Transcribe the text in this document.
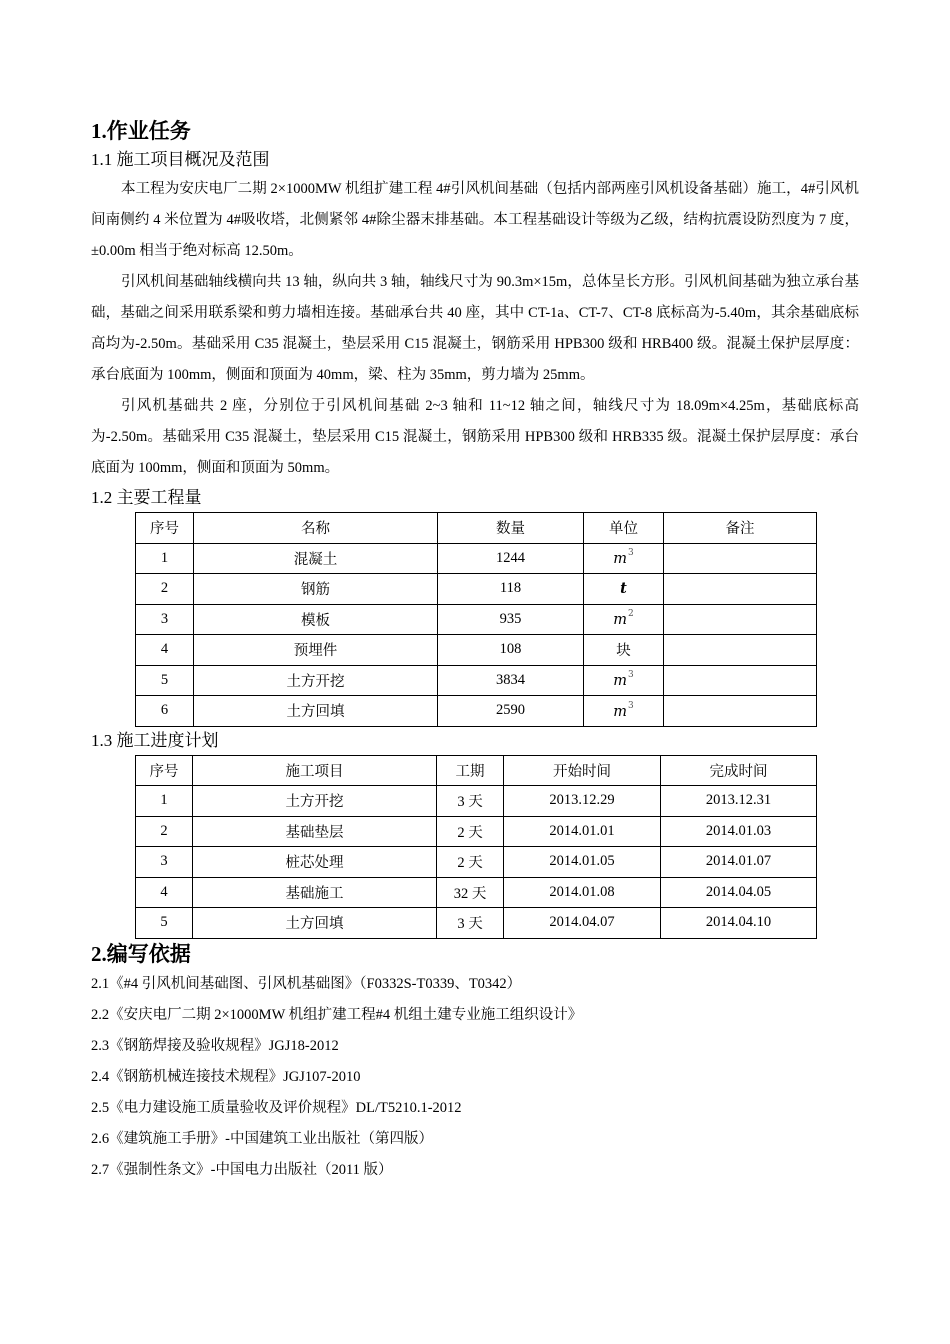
1.作业任务
1.1 施工项目概况及范围

本工程为安庆电厂二期 2×1000MW 机组扩建工程 4#引风机间基础（包括内部两座引风机设备基础）施工，4#引风机间南侧约 4 米位置为 4#吸收塔，北侧紧邻 4#除尘器末排基础。本工程基础设计等级为乙级，结构抗震设防烈度为 7 度，±0.00m 相当于绝对标高 12.50m。

引风机间基础轴线横向共 13 轴，纵向共 3 轴，轴线尺寸为 90.3m×15m，总体呈长方形。引风机间基础为独立承台基础，基础之间采用联系梁和剪力墙相连接。基础承台共 40 座，其中 CT-1a、CT-7、CT-8 底标高为-5.40m，其余基础底标高均为-2.50m。基础采用 C35 混凝土，垫层采用 C15 混凝土，钢筋采用 HPB300 级和 HRB400 级。混凝土保护层厚度：承台底面为 100mm，侧面和顶面为 40mm，梁、柱为 35mm，剪力墙为 25mm。

引风机基础共 2 座，分别位于引风机间基础 2~3 轴和 11~12 轴之间，轴线尺寸为 18.09m×4.25m，基础底标高为-2.50m。基础采用 C35 混凝土，垫层采用 C15 混凝土，钢筋采用 HPB300 级和 HRB335 级。混凝土保护层厚度：承台底面为 100mm，侧面和顶面为 50mm。

1.2 主要工程量
序号	名称	数量	单位	备注
1	混凝土	1244	$m^3$	
2	钢筋	118	t	
3	模板	935	$m^2$	
4	预埋件	108	块	
5	土方开挖	3834	$m^3$	
6	土方回填	2590	$m^3$	
1.3 施工进度计划
序号	施工项目	工期	开始时间	完成时间
1	土方开挖	3 天	2013.12.29	2013.12.31
2	基础垫层	2 天	2014.01.01	2014.01.03
3	桩芯处理	2 天	2014.01.05	2014.01.07
4	基础施工	32 天	2014.01.08	2014.04.05
5	土方回填	3 天	2014.04.07	2014.04.10
2.编写依据

2.1《#4 引风机间基础图、引风机基础图》（F0332S-T0339、T0342）

2.2《安庆电厂二期 2×1000MW 机组扩建工程#4 机组土建专业施工组织设计》

2.3《钢筋焊接及验收规程》JGJ18-2012

2.4《钢筋机械连接技术规程》JGJ107-2010

2.5《电力建设施工质量验收及评价规程》DL/T5210.1-2012

2.6《建筑施工手册》-中国建筑工业出版社（第四版）

2.7《强制性条文》-中国电力出版社（2011 版）
